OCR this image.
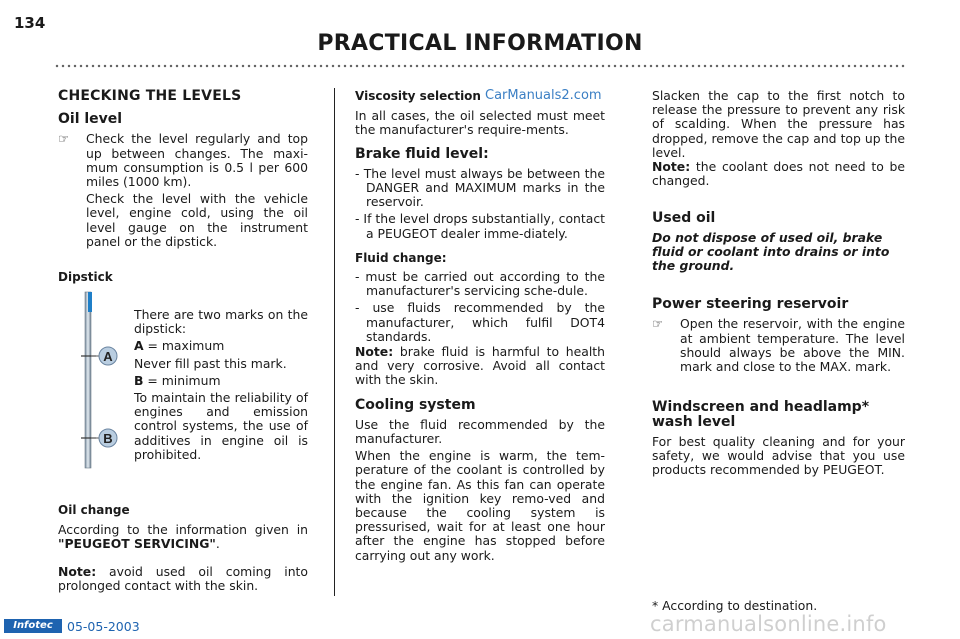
134
PRACTICAL INFORMATION
CarManuals2.com

CHECKING THE LEVELS

Oil level

☞ Check the level regularly and top up between changes. The maxi-mum consumption is 0.5 l per 600 miles (1000 km).

Check the level with the vehicle level, engine cold, using the oil level gauge on the instrument panel or the dipstick.

Dipstick

A
B

There are two marks on the dipstick:

A = maximum

Never fill past this mark.

B = minimum

To maintain the reliability of engines and emission control systems, the use of additives in engine oil is prohibited.

Oil change

According to the information given in "PEUGEOT SERVICING".

Note: avoid used oil coming into prolonged contact with the skin.

Viscosity selection

In all cases, the oil selected must meet the manufacturer's require-ments.

Brake fluid level:

- The level must always be between the DANGER and MAXIMUM marks in the reservoir.

- If the level drops substantially, contact a PEUGEOT dealer imme-diately.

Fluid change:

- must be carried out according to the manufacturer's servicing sche-dule.

- use fluids recommended by the manufacturer, which fulfil DOT4 standards.

Note: brake fluid is harmful to health and very corrosive. Avoid all contact with the skin.

Cooling system

Use the fluid recommended by the manufacturer.

When the engine is warm, the tem-perature of the coolant is controlled by the engine fan. As this fan can operate with the ignition key remo-ved and because the cooling system is pressurised, wait for at least one hour after the engine has stopped before carrying out any work.

Slacken the cap to the first notch to release the pressure to prevent any risk of scalding. When the pressure has dropped, remove the cap and top up the level.

Note: the coolant does not need to be changed.

Used oil

Do not dispose of used oil, brake fluid or coolant into drains or into the ground.

Power steering reservoir

☞ Open the reservoir, with the engine at ambient temperature. The level should always be above the MIN. mark and close to the MAX. mark.

Windscreen and headlamp*

wash level

For best quality cleaning and for your safety, we would advise that you use products recommended by PEUGEOT.

* According to destination.
Infotec	05-05-2003	carmanualsonline.info
